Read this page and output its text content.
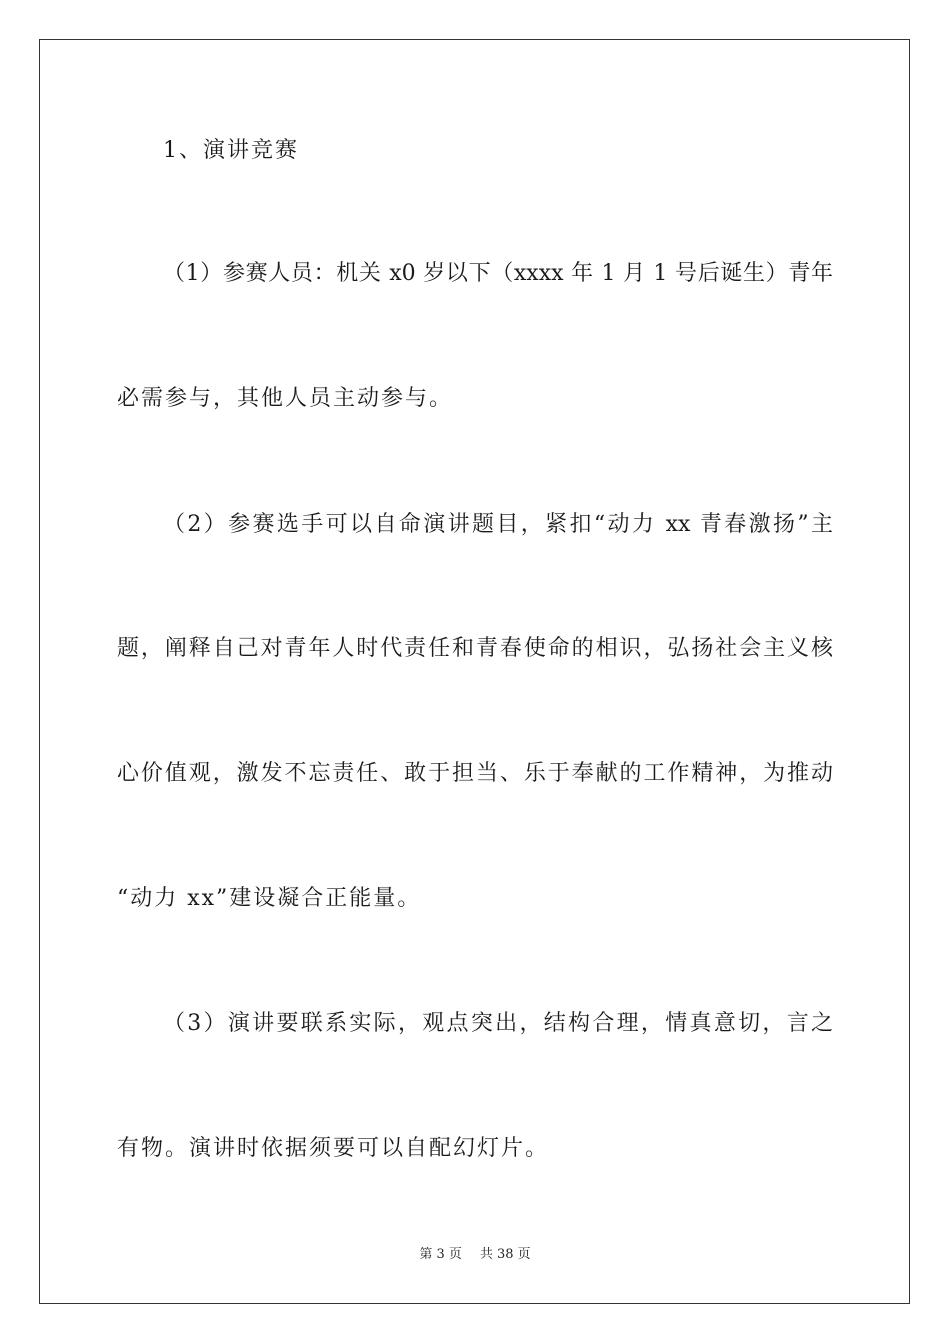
1、演讲竞赛
（1）参赛人员：机关 x0 岁以下（xxxx 年 1 月 1 号后诞生）青年
必需参与，其他人员主动参与。
（2）参赛选手可以自命演讲题目，紧扣“动力 xx 青春激扬”主
题，阐释自己对青年人时代责任和青春使命的相识，弘扬社会主义核
心价值观，激发不忘责任、敢于担当、乐于奉献的工作精神，为推动
“动力 xx”建设凝合正能量。
（3）演讲要联系实际，观点突出，结构合理，情真意切，言之
有物。演讲时依据须要可以自配幻灯片。
第 3 页 共 38 页
